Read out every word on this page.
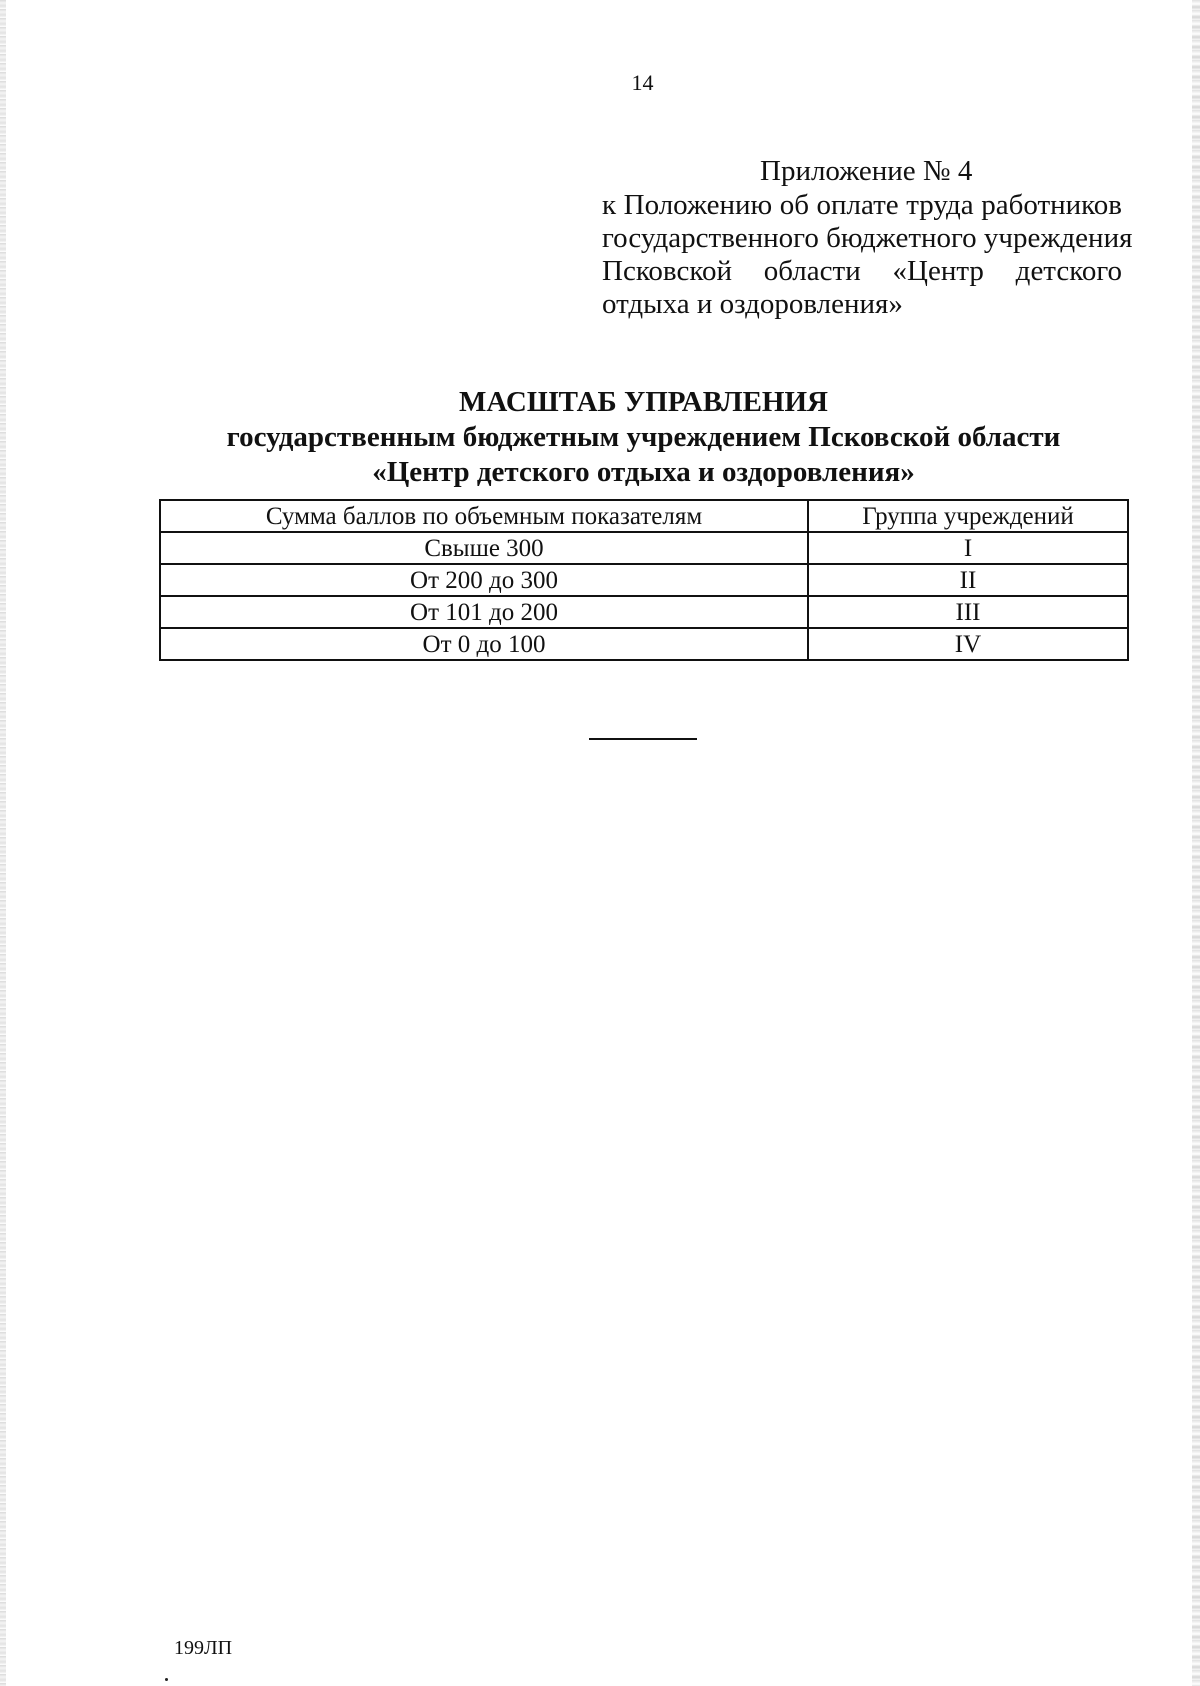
14
Приложение № 4
к Положению об оплате труда работников
государственного бюджетного учреждения
Псковской области «Центр детского
отдыха и оздоровления»
МАСШТАБ УПРАВЛЕНИЯ
государственным бюджетным учреждением Псковской области
«Центр детского отдыха и оздоровления»
Сумма баллов по объемным показателям	Группа учреждений
Свыше 300	I
От 200 до 300	II
От 101 до 200	III
От 0 до 100	IV
199ЛП
